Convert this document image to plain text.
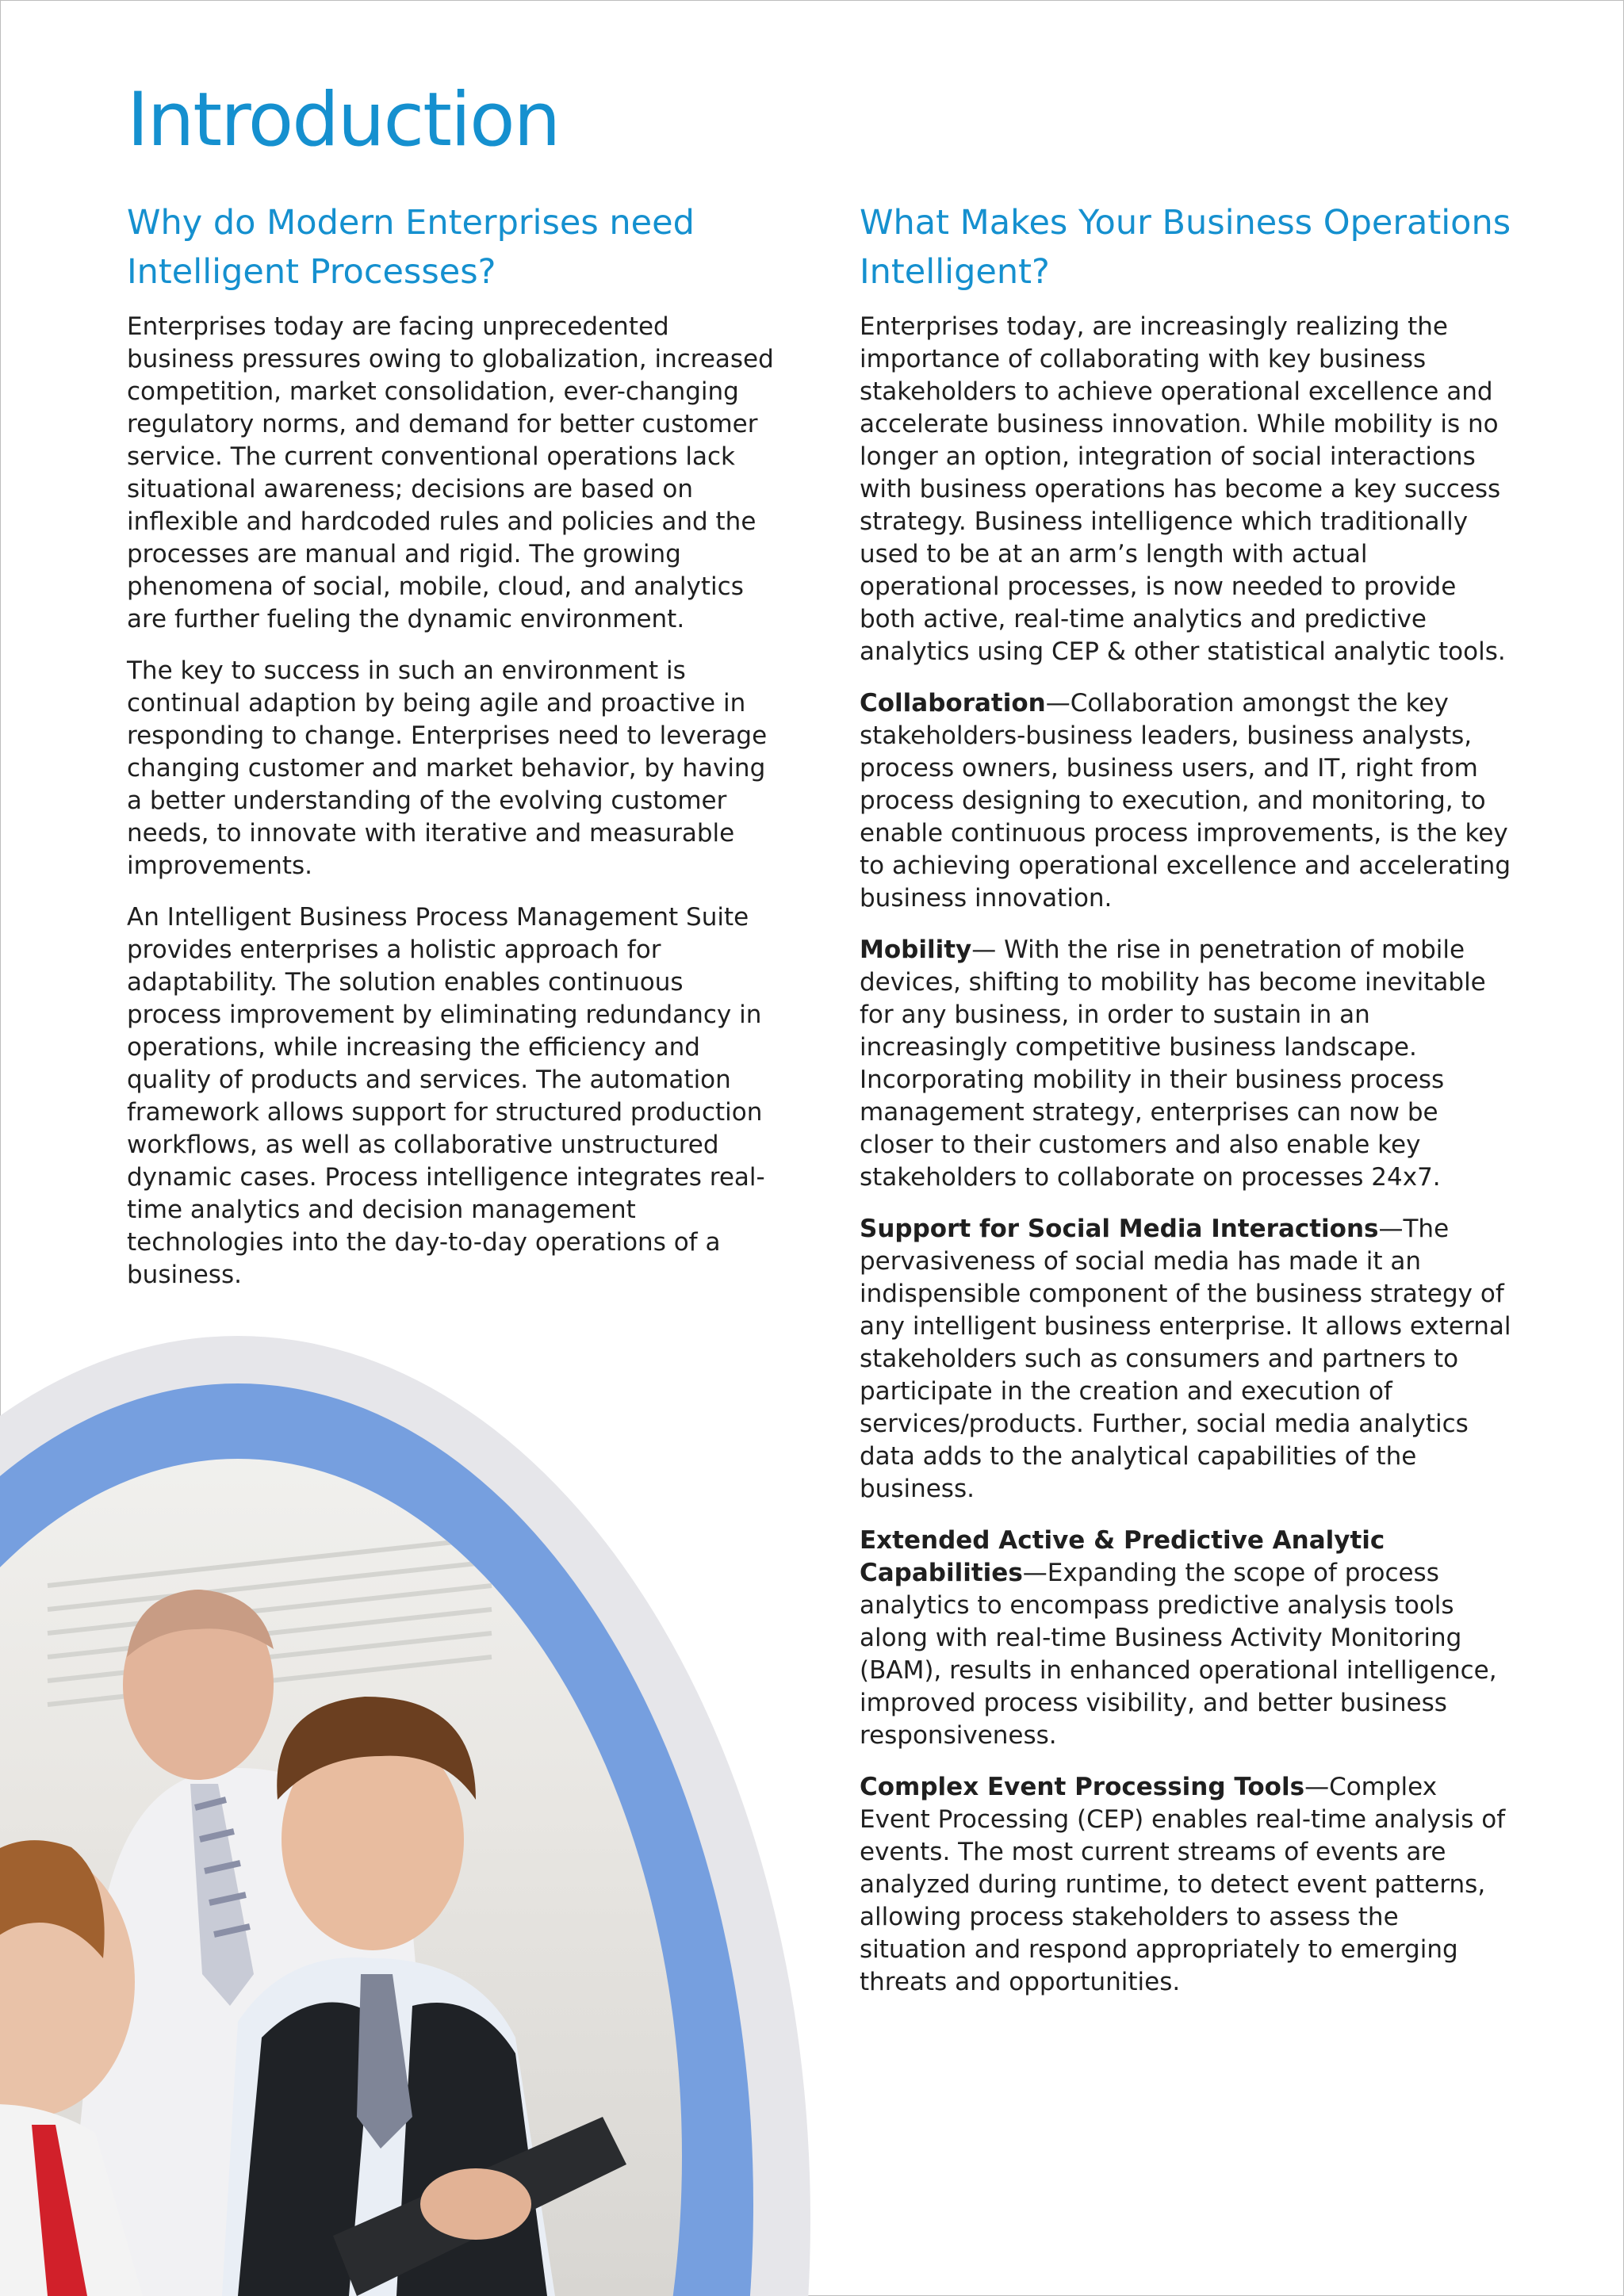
Introduction
Why do Modern Enterprises need Intelligent Processes?

Enterprises today are facing unprecedented business pressures owing to globalization, increased competition, market consolidation, ever-changing regulatory norms, and demand for better customer service. The current conventional operations lack situational awareness; decisions are based on inflexible and hardcoded rules and policies and the processes are manual and rigid. The growing phenomena of social, mobile, cloud, and analytics are further fueling the dynamic environment.

The key to success in such an environment is continual adaption by being agile and proactive in responding to change. Enterprises need to leverage changing customer and market behavior, by having a better understanding of the evolving customer needs, to innovate with iterative and measurable improvements.

An Intelligent Business Process Management Suite provides enterprises a holistic approach for adaptability. The solution enables continuous process improvement by eliminating redundancy in operations, while increasing the efficiency and quality of products and services. The automation framework allows support for structured production workflows, as well as collaborative unstructured dynamic cases. Process intelligence integrates real-time analytics and decision management technologies into the day-to-day operations of a business.

What Makes Your Business Operations Intelligent?

Enterprises today, are increasingly realizing the importance of collaborating with key business stakeholders to achieve operational excellence and accelerate business innovation. While mobility is no longer an option, integration of social interactions with business operations has become a key success strategy. Business intelligence which traditionally used to be at an arm’s length with actual operational processes, is now needed to provide both active, real-time analytics and predictive analytics using CEP & other statistical analytic tools.

Collaboration—Collaboration amongst the key stakeholders-business leaders, business analysts, process owners, business users, and IT, right from process designing to execution, and monitoring, to enable continuous process improvements, is the key to achieving operational excellence and accelerating business innovation.

Mobility— With the rise in penetration of mobile devices, shifting to mobility has become inevitable for any business, in order to sustain in an increasingly competitive business landscape. Incorporating mobility in their business process management strategy, enterprises can now be closer to their customers and also enable key stakeholders to collaborate on processes 24x7.

Support for Social Media Interactions—The pervasiveness of social media has made it an indispensible component of the business strategy of any intelligent business enterprise. It allows external stakeholders such as consumers and partners to participate in the creation and execution of services/products. Further, social media analytics data adds to the analytical capabilities of the business.

Extended Active & Predictive Analytic Capabilities—Expanding the scope of process analytics to encompass predictive analysis tools along with real-time Business Activity Monitoring (BAM), results in enhanced operational intelligence, improved process visibility, and better business responsiveness.

Complex Event Processing Tools—Complex Event Processing (CEP) enables real-time analysis of events. The most current streams of events are analyzed during runtime, to detect event patterns, allowing process stakeholders to assess the situation and respond appropriately to emerging threats and opportunities.
